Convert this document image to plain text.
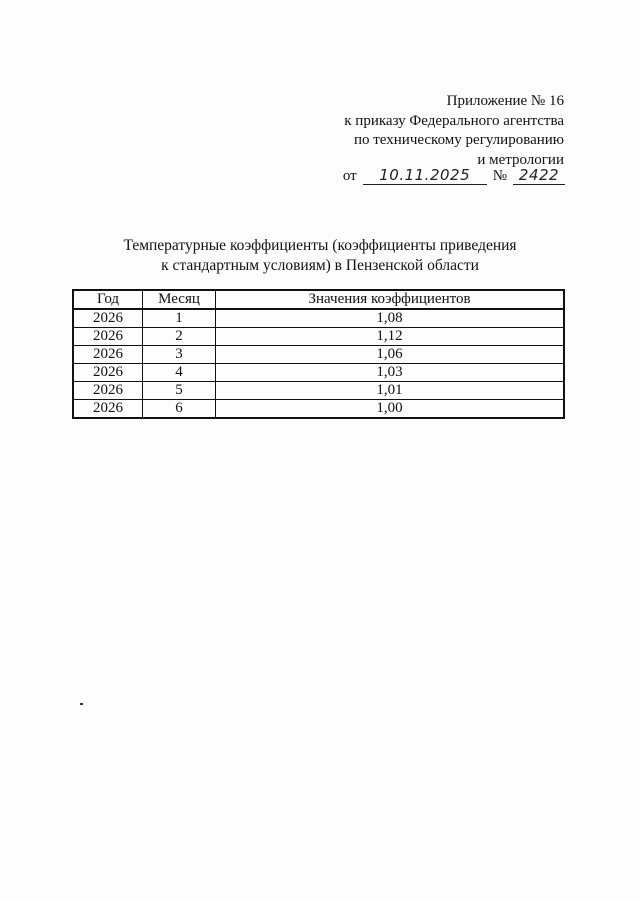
Приложение № 16
к приказу Федерального агентства
по техническому регулированию
и метрологии
от	10.11.2025	№ 2422
Температурные коэффициенты (коэффициенты приведения
к стандартным условиям) в Пензенской области
Год	Месяц	Значения коэффициентов
2026	1	1,08
2026	2	1,12
2026	3	1,06
2026	4	1,03
2026	5	1,01
2026	6	1,00
